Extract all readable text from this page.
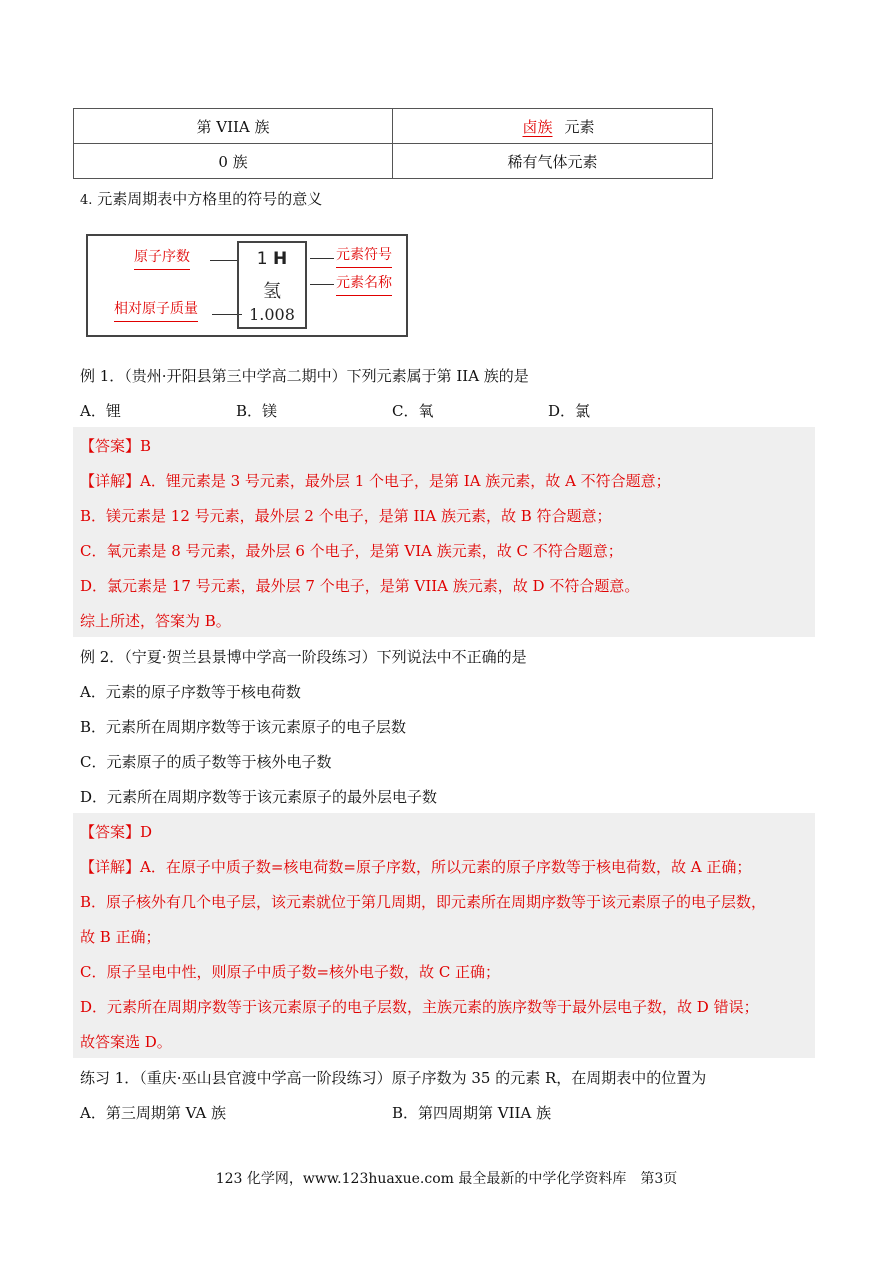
第 VIIA 族	卤族 元素
0 族	稀有气体元素
4. 元素周期表中方格里的符号的意义
原子序数
相对原子质量
1 H
氢
1.008
元素符号
元素名称
例 1．（贵州·开阳县第三中学高二期中）下列元素属于第 IIA 族的是
A．锂	B．镁	C．氧	D．氯
【答案】B
【详解】A．锂元素是 3 号元素，最外层 1 个电子，是第 IA 族元素，故 A 不符合题意；
B．镁元素是 12 号元素，最外层 2 个电子，是第 IIA 族元素，故 B 符合题意；
C．氧元素是 8 号元素，最外层 6 个电子，是第 VIA 族元素，故 C 不符合题意；
D．氯元素是 17 号元素，最外层 7 个电子，是第 VIIA 族元素，故 D 不符合题意。
综上所述，答案为 B。
例 2．（宁夏·贺兰县景博中学高一阶段练习）下列说法中不正确的是
A．元素的原子序数等于核电荷数
B．元素所在周期序数等于该元素原子的电子层数
C．元素原子的质子数等于核外电子数
D．元素所在周期序数等于该元素原子的最外层电子数
【答案】D
【详解】A．在原子中质子数=核电荷数=原子序数，所以元素的原子序数等于核电荷数，故 A 正确；
B．原子核外有几个电子层，该元素就位于第几周期，即元素所在周期序数等于该元素原子的电子层数，
故 B 正确；
C．原子呈电中性，则原子中质子数=核外电子数，故 C 正确；
D．元素所在周期序数等于该元素原子的电子层数，主族元素的族序数等于最外层电子数，故 D 错误；
故答案选 D。
练习 1．（重庆·巫山县官渡中学高一阶段练习）原子序数为 35 的元素 R，在周期表中的位置为
A．第三周期第 VA 族	B．第四周期第 VIIA 族
123 化学网，www.123huaxue.com 最全最新的中学化学资料库　第3页
